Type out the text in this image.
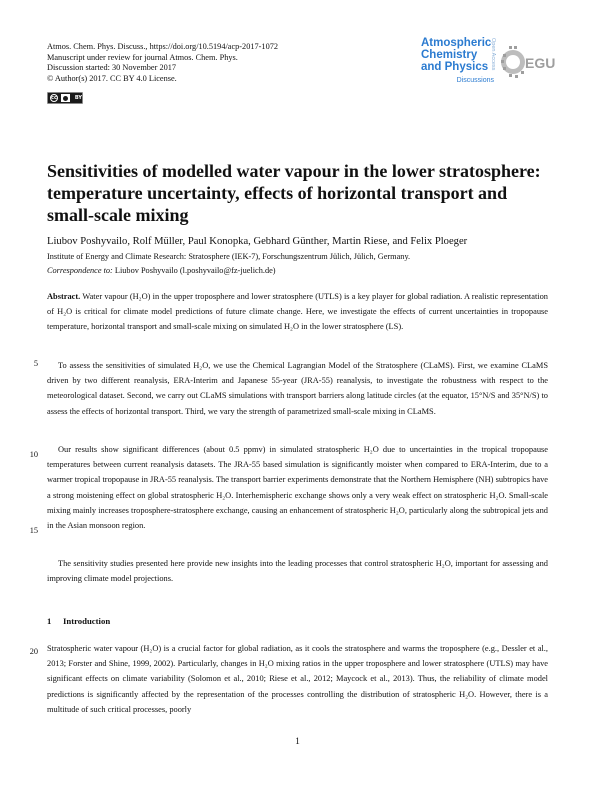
Atmos. Chem. Phys. Discuss., https://doi.org/10.5194/acp-2017-1072
Manuscript under review for journal Atmos. Chem. Phys.
Discussion started: 30 November 2017
© Author(s) 2017. CC BY 4.0 License.
cc	BY
Atmospheric
Chemistry
and Physics
Discussions
Open Access EGU
Sensitivities of modelled water vapour in the lower stratosphere: temperature uncertainty, effects of horizontal transport and small-scale mixing
Liubov Poshyvailo, Rolf Müller, Paul Konopka, Gebhard Günther, Martin Riese, and Felix Ploeger
Institute of Energy and Climate Research: Stratosphere (IEK-7), Forschungszentrum Jülich, Jülich, Germany.
Correspondence to: Liubov Poshyvailo (l.poshyvailo@fz-juelich.de)
5
10
15
20

Abstract. Water vapour (H₂O) in the upper troposphere and lower stratosphere (UTLS) is a key player for global radiation. A realistic representation of H₂O is critical for climate model predictions of future climate change. Here, we investigate the effects of current uncertainties in tropopause temperature, horizontal transport and small-scale mixing on simulated H₂O in the lower stratosphere (LS).

To assess the sensitivities of simulated H₂O, we use the Chemical Lagrangian Model of the Stratosphere (CLaMS). First, we examine CLaMS driven by two different reanalysis, ERA-Interim and Japanese 55-year (JRA-55) reanalysis, to investigate the robustness with respect to the meteorological dataset. Second, we carry out CLaMS simulations with transport barriers along latitude circles (at the equator, 15°N/S and 35°N/S) to assess the effects of horizontal transport. Third, we vary the strength of parametrized small-scale mixing in CLaMS.

Our results show significant differences (about 0.5 ppmv) in simulated stratospheric H₂O due to uncertainties in the tropical tropopause temperatures between current reanalysis datasets. The JRA-55 based simulation is significantly moister when compared to ERA-Interim, due to a warmer tropical tropopause in JRA-55 reanalysis. The transport barrier experiments demonstrate that the Northern Hemisphere (NH) subtropics have a strong moistening effect on global stratospheric H₂O. Interhemispheric exchange shows only a very weak effect on stratospheric H₂O. Small-scale mixing mainly increases troposphere-stratosphere exchange, causing an enhancement of stratospheric H₂O, particularly along the subtropical jets and in the Asian monsoon region.

The sensitivity studies presented here provide new insights into the leading processes that control stratospheric H₂O, important for assessing and improving climate model projections.

1 Introduction

Stratospheric water vapour (H₂O) is a crucial factor for global radiation, as it cools the stratosphere and warms the troposphere (e.g., Dessler et al., 2013; Forster and Shine, 1999, 2002). Particularly, changes in H₂O mixing ratios in the upper troposphere and lower stratosphere (UTLS) may have significant effects on climate variability (Solomon et al., 2010; Riese et al., 2012; Maycock et al., 2013). Thus, the reliability of climate model predictions is significantly affected by the representation of the processes controlling the distribution of stratospheric H₂O. However, there is a multitude of such critical processes, poorly

1
